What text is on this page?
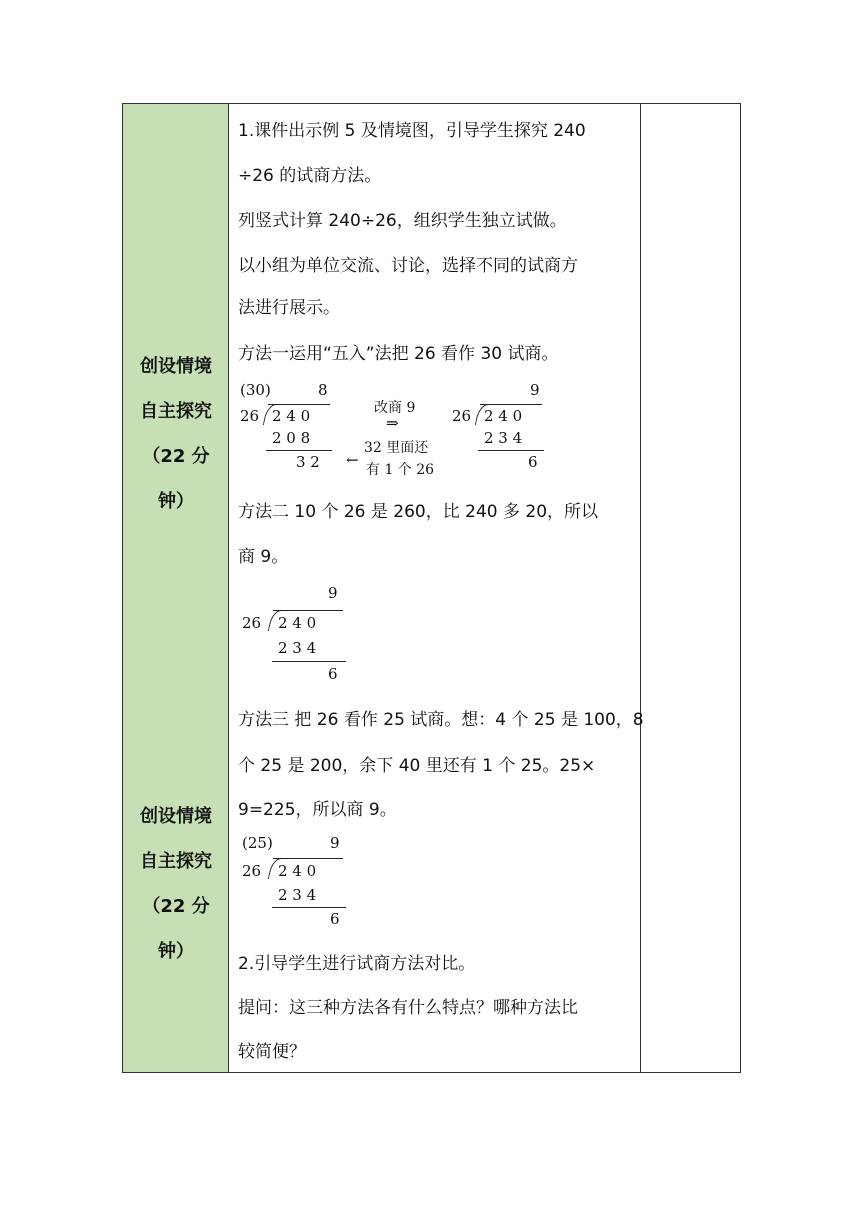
创设情境
自主探究
（22 分
钟）
创设情境
自主探究
（22 分
钟）
1.课件出示例 5 及情境图，引导学生探究 240
÷26 的试商方法。
列竖式计算 240÷26，组织学生独立试做。
以小组为单位交流、讨论，选择不同的试商方
法进行展示。
方法一运用“五入”法把 26 看作 30 试商。
(30)	8
26 2 4 0
2 0 8
3 2
改商 9
⇒
←
32 里面还
有 1 个 26
9
26 2 4 0
2 3 4
6
方法二 10 个 26 是 260，比 240 多 20，所以
商 9。
9
26 2 4 0
2 3 4
6
方法三 把 26 看作 25 试商。想：4 个 25 是 100，8
个 25 是 200，余下 40 里还有 1 个 25。25×
9=225，所以商 9。
(25)	9
26 2 4 0
2 3 4
6
2.引导学生进行试商方法对比。
提问：这三种方法各有什么特点？哪种方法比
较简便？
